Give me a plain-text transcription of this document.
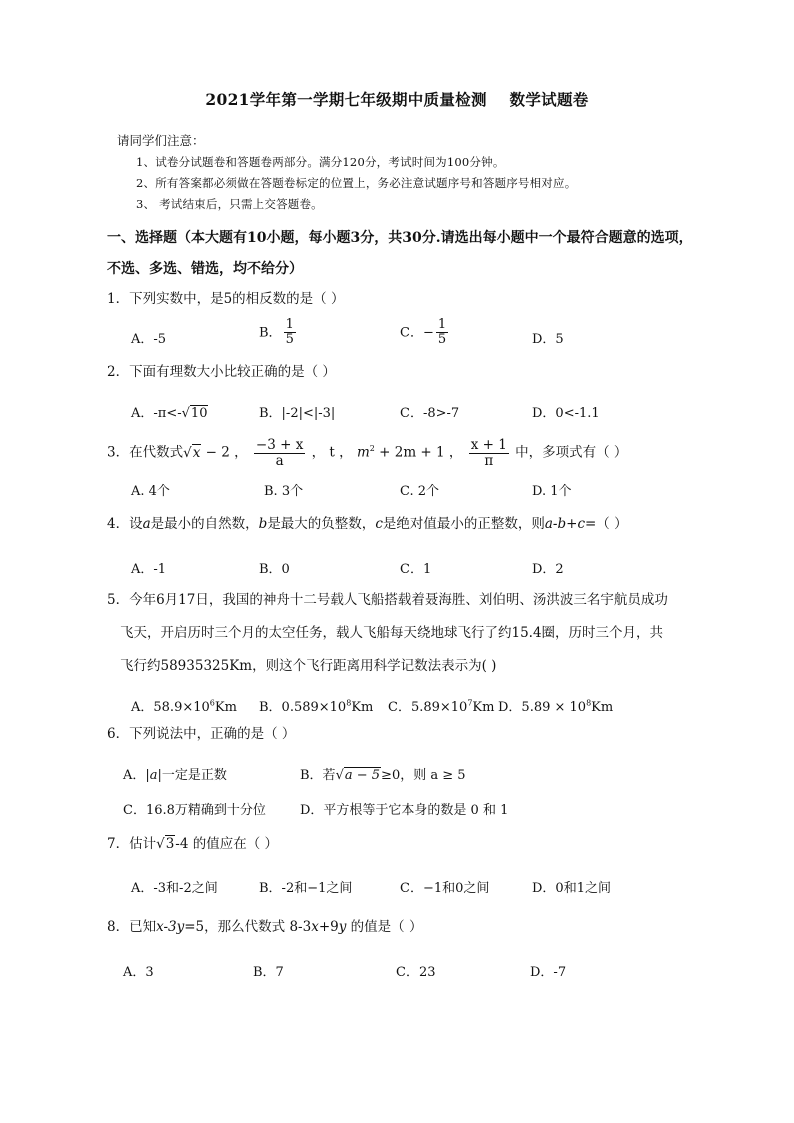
2021学年第一学期七年级期中质量检测    数学试题卷
请同学们注意：
1、试卷分试题卷和答题卷两部分。满分120分，考试时间为100分钟。
2、所有答案都必须做在答题卷标定的位置上，务必注意试题序号和答题序号相对应。
3、 考试结束后，只需上交答题卷。
一、选择题（本大题有10小题，每小题3分，共30分.请选出每小题中一个最符合题意的选项，
不选、多选、错选，均不给分）
1．下列实数中，是5的相反数的是（ ）
A．-5	B． $\frac{1}{5}$	C．− $\frac{1}{5}$	D．5
2．下面有理数大小比较正确的是（ ）
A．-π<-√10	B．|-2|<|-3|	C．-8>-7	D．0<-1.1
3．在代数式√x − 2 ， $\frac{-3 + x}{a}$ ， t ， $m^2 + 2m + 1$ ， $\frac{x + 1}{\pi}$ 中，多项式有（ ）
A. 4个	B. 3个	C. 2个	D. 1个
4．设a是最小的自然数，b是最大的负整数，c是绝对值最小的正整数，则a-b+c=（ ）
A．-1	B．0	C．1	D．2
5．今年6月17日，我国的神舟十二号载人飞船搭载着聂海胜、刘伯明、汤洪波三名宇航员成功
飞天，开启历时三个月的太空任务，载人飞船每天绕地球飞行了约15.4圈，历时三个月，共
飞行约58935325Km，则这个飞行距离用科学记数法表示为( )
A．$58.9\times 10^6Km$ B．$0.589\times 10^8Km$ C．$5.89\times 10^7Km$ D．$5.89 \times 10^8Km$
6．下列说法中，正确的是（ ）
A．|a|一定是正数	B．若√a − 5≥0，则 a ≥ 5
C．16.8万精确到十分位	D．平方根等于它本身的数是 0 和 1
7．估计√3-4 的值应在（ ）
A．-3和-2之间	B．-2和−1之间	C．−1和0之间	D．0和1之间
8．已知x-3y=5，那么代数式 8-3x+9y 的值是（ ）
A．3	B．7	C．23	D．-7
